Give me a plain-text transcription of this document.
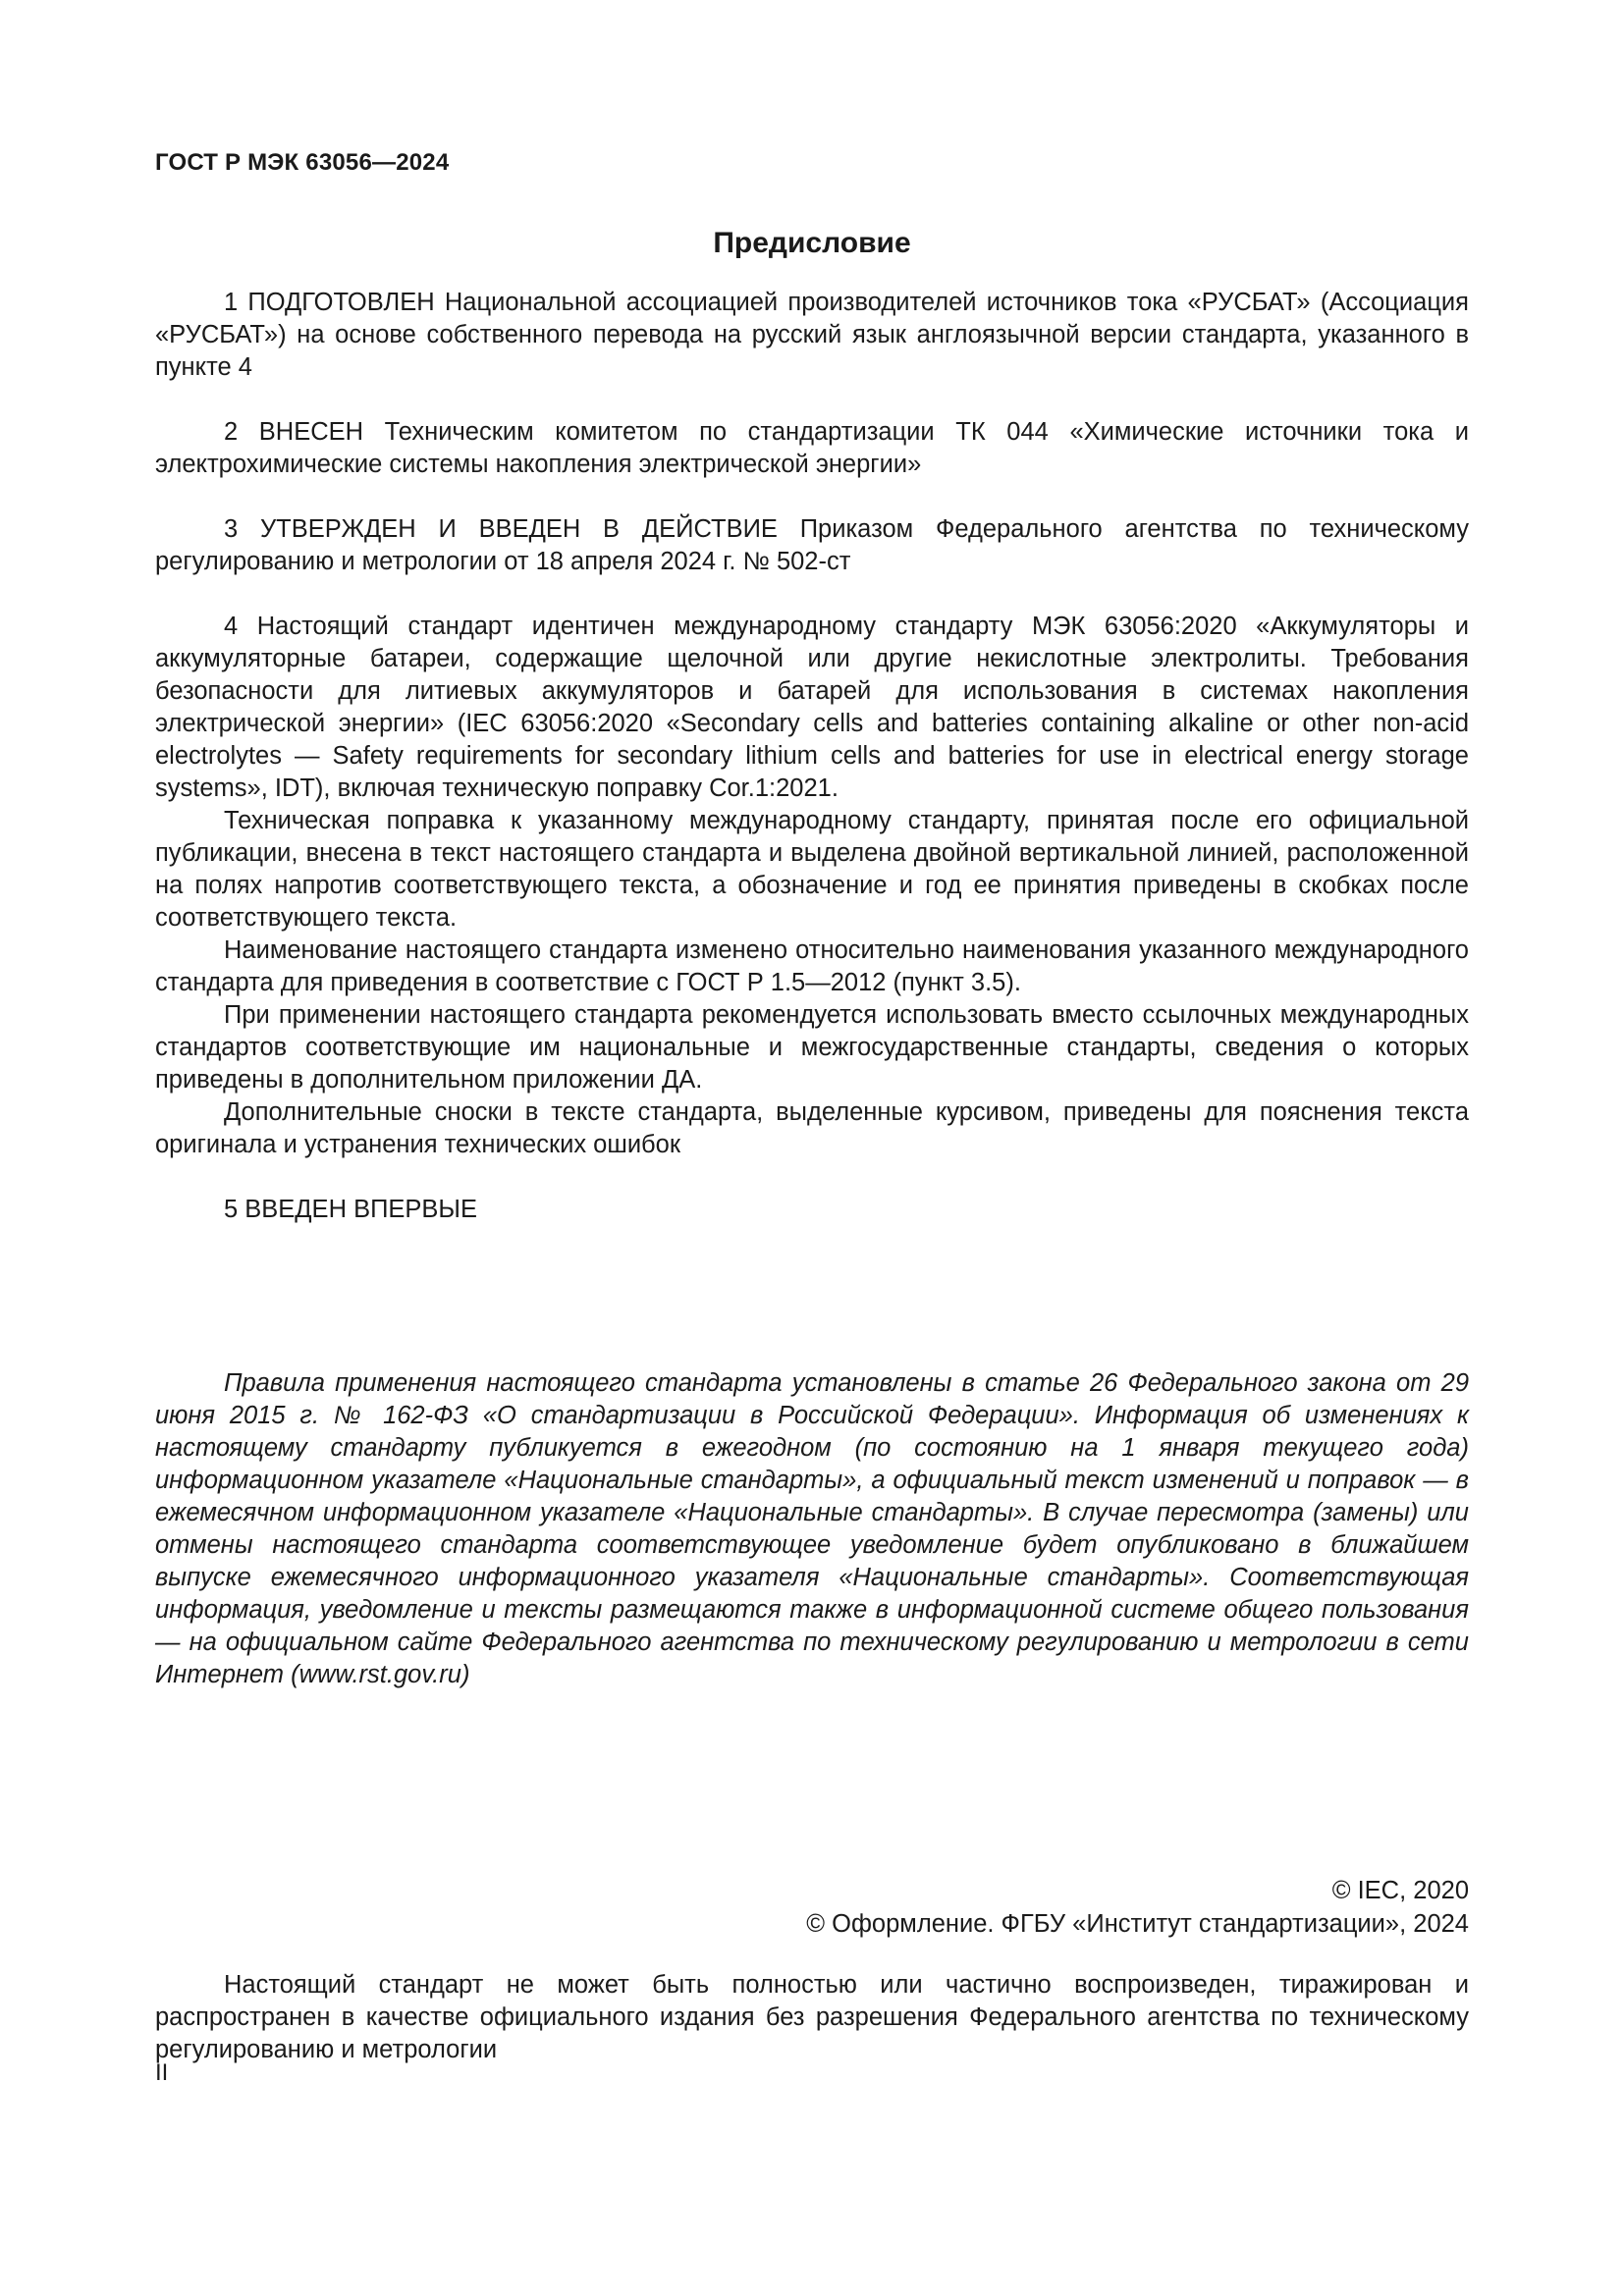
ГОСТ Р МЭК 63056—2024
Предисловие

1 ПОДГОТОВЛЕН Национальной ассоциацией производителей источников тока «РУСБАТ» (Ассоциация «РУСБАТ») на основе собственного перевода на русский язык англоязычной версии стандарта, указанного в пункте 4

2 ВНЕСЕН Техническим комитетом по стандартизации ТК 044 «Химические источники тока и электрохимические системы накопления электрической энергии»

3 УТВЕРЖДЕН И ВВЕДЕН В ДЕЙСТВИЕ Приказом Федерального агентства по техническому регулированию и метрологии от 18 апреля 2024 г. № 502-ст

4 Настоящий стандарт идентичен международному стандарту МЭК 63056:2020 «Аккумуляторы и аккумуляторные батареи, содержащие щелочной или другие некислотные электролиты. Требования безопасности для литиевых аккумуляторов и батарей для использования в системах накопления электрической энергии» (IEC 63056:2020 «Secondary cells and batteries containing alkaline or other non-acid electrolytes — Safety requirements for secondary lithium cells and batteries for use in electrical energy storage systems», IDT), включая техническую поправку Cor.1:2021.

Техническая поправка к указанному международному стандарту, принятая после его официальной публикации, внесена в текст настоящего стандарта и выделена двойной вертикальной линией, расположенной на полях напротив соответствующего текста, а обозначение и год ее принятия приведены в скобках после соответствующего текста.

Наименование настоящего стандарта изменено относительно наименования указанного международного стандарта для приведения в соответствие с ГОСТ Р 1.5—2012 (пункт 3.5).

При применении настоящего стандарта рекомендуется использовать вместо ссылочных международных стандартов соответствующие им национальные и межгосударственные стандарты, сведения о которых приведены в дополнительном приложении ДА.

Дополнительные сноски в тексте стандарта, выделенные курсивом, приведены для пояснения текста оригинала и устранения технических ошибок

5 ВВЕДЕН ВПЕРВЫЕ

Правила применения настоящего стандарта установлены в статье 26 Федерального закона от 29 июня 2015 г. № 162-ФЗ «О стандартизации в Российской Федерации». Информация об изменениях к настоящему стандарту публикуется в ежегодном (по состоянию на 1 января текущего года) информационном указателе «Национальные стандарты», а официальный текст изменений и поправок — в ежемесячном информационном указателе «Национальные стандарты». В случае пересмотра (замены) или отмены настоящего стандарта соответствующее уведомление будет опубликовано в ближайшем выпуске ежемесячного информационного указателя «Национальные стандарты». Соответствующая информация, уведомление и тексты размещаются также в информационной системе общего пользования — на официальном сайте Федерального агентства по техническому регулированию и метрологии в сети Интернет (www.rst.gov.ru)

© IEC, 2020
© Оформление. ФГБУ «Институт стандартизации», 2024

Настоящий стандарт не может быть полностью или частично воспроизведен, тиражирован и распространен в качестве официального издания без разрешения Федерального агентства по техническому регулированию и метрологии

II
